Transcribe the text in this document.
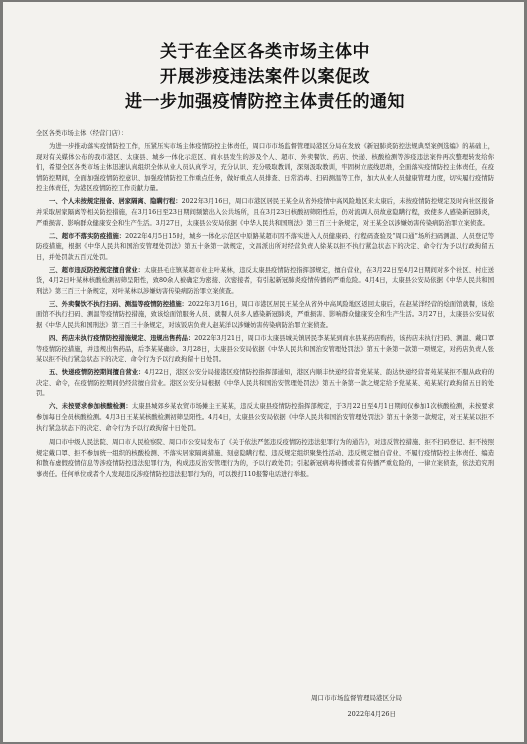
关于在全区各类市场主体中
开展涉疫违法案件以案促改
进一步加强疫情防控主体责任的通知

全区各类市场主体（经营门店）：

为进一步推动落实疫情防控工作，压紧压实市场主体疫情防控主体责任，周口市市场监督管理局港区分局在发放《新冠肺炎防控法规典型案例选编》的基础上，现对有关媒体公布的我市港区、太康县、城乡一体化示范区、商水县发生的涉及个人、超市、外卖餐饮、药店、快递、核酸检测等涉疫违法案件再次整理转发给你们，希望全区各类市场主体迅速认真组织全体从业人员认真学习，充分认识、充分吸取教训，深刻汲取教训，牢固树立底线思维，全面落实疫情防控主体责任，在疫情防控期间，全面加强疫情防控意识、加强疫情防控工作重点任务，做好重点人员排查、日常消毒、扫码测温等工作，加大从业人员健康管理力度，切实履行疫情防控主体责任，为港区疫情防控工作贡献力量。

一、个人未按规定报备、居家隔离、隐瞒行程：2022年3月16日，周口市港区居民王某全从省外疫情中高风险地区来太康后，未按疫情防控规定及时向社区报备并采取居家隔离等相关防控措施，在3月16日至23日期间频繁出入公共场所，且在3月23日核酸初筛阳性后，仍对流调人员故意隐瞒行程，致使多人感染新冠肺炎，严重损害、影响群众健康安全和生产生活。3月27日，太康县公安局依据《中华人民共和国刑法》第三百三十条规定，对王某全以涉嫌妨害传染病防治罪立案侦查。

二、超市不落实防疫措施：2022年4月5日15时，城乡一体化示范区中原路某超市因不落实进入人员健康码、行程码查验及“周口通”场所扫码测温、人员登记等防疫措施，根据《中华人民共和国治安管理处罚法》第五十条第一款规定，文昌派出所对经营负责人徐某以拒不执行紧急状态下的决定、命令行为予以行政拘留五日，并处罚款五百元处罚。

三、超市违反防控规定擅自营业：太康县毛庄镇某超市业主叶某林，违反太康县疫情防控指挥部规定，擅自营业，在3月22日至4月2日期间对多个社区、村庄送货，4月2日叶某林核酸检测初筛呈阳性，致80余人被确定为密接、次密接者，有引起新冠肺炎疫情传播的严重危险。4月4日，太康县公安局依据《中华人民共和国刑法》第三百三十条规定，对叶某林以涉嫌妨害传染病防治罪立案侦查。

三、外卖餐饮不执行扫码、测温等疫情防控措施：2022年3月16日，周口市港区居民王某全从省外中高风险地区返回太康后，在赵某洋经营的烩面馆就餐，该烩面馆不执行扫码、测温等疫情防控措施，致该烩面馆服务人员、就餐人员多人感染新冠肺炎，严重损害、影响群众健康安全和生产生活。3月27日，太康县公安局依据《中华人民共和国刑法》第三百三十条规定，对该饭店负责人赵某洋以涉嫌妨害传染病防治罪立案侦查。

四、药店未执行疫情防控措施规定、违规出售药品：2022年3月21日，周口市太康县城关镇居民李某某到商水县某药店购药，该药店未执行扫码、测温、戴口罩等疫情防控措施，并违规出售药品，后李某某确诊。3月28日，太康县公安局依据《中华人民共和国治安管理处罚法》第五十条第一款第一项规定，对药店负责人张某以拒不执行紧急状态下的决定、命令行为予以行政拘留十日处罚。

五、快递疫情防控期间擅自营业：4月22日，港区公安分局接港区疫情防控指挥部通知，港区内顺丰快递经营者党某某、韵达快递经营者苑某某拒不服从政府的决定、命令，在疫情防控期间仍经营擅自营业。港区公安分局根据《中华人民共和国治安管理处罚法》第五十条第一款之规定给予党某某、苑某某行政拘留五日的处罚。

六、未按要求参加核酸检测：太康县城郊乡某农贸市场摊主王某某，违反太康县疫情防控指挥部规定，于3月22日至4月1日期间仅参加1次核酸检测，未按要求参加每日全员核酸检测。4月3日王某某核酸检测初筛呈阳性。4月4日，太康县公安局依据《中华人民共和国治安管理处罚法》第五十条第一款规定，对王某某以拒不执行紧急状态下的决定、命令行为予以行政拘留十日处罚。

周口市中级人民法院、周口市人民检察院、周口市公安局发布了《关于依法严惩违反疫情防控违法犯罪行为的通告》，对违反管控措施、拒不扫码登记、拒不按照规定戴口罩、拒不参加统一组织的核酸检测、不落实居家隔离措施、刻意隐瞒行程、违反规定组织聚集性活动、违反规定擅自营业、不履行疫情防控主体责任、编造和散布虚假疫情信息等涉疫情防控违法犯罪行为，构成违反治安管理行为的，予以行政处罚；引起新冠病毒传播或者有传播严重危险的，一律立案侦查，依法追究刑事责任。任何单位或者个人发现违反涉疫情防控违法犯罪行为的，可以拨打110报警电话进行举报。

周口市市场监督管理局港区分局
2022年4月26日
